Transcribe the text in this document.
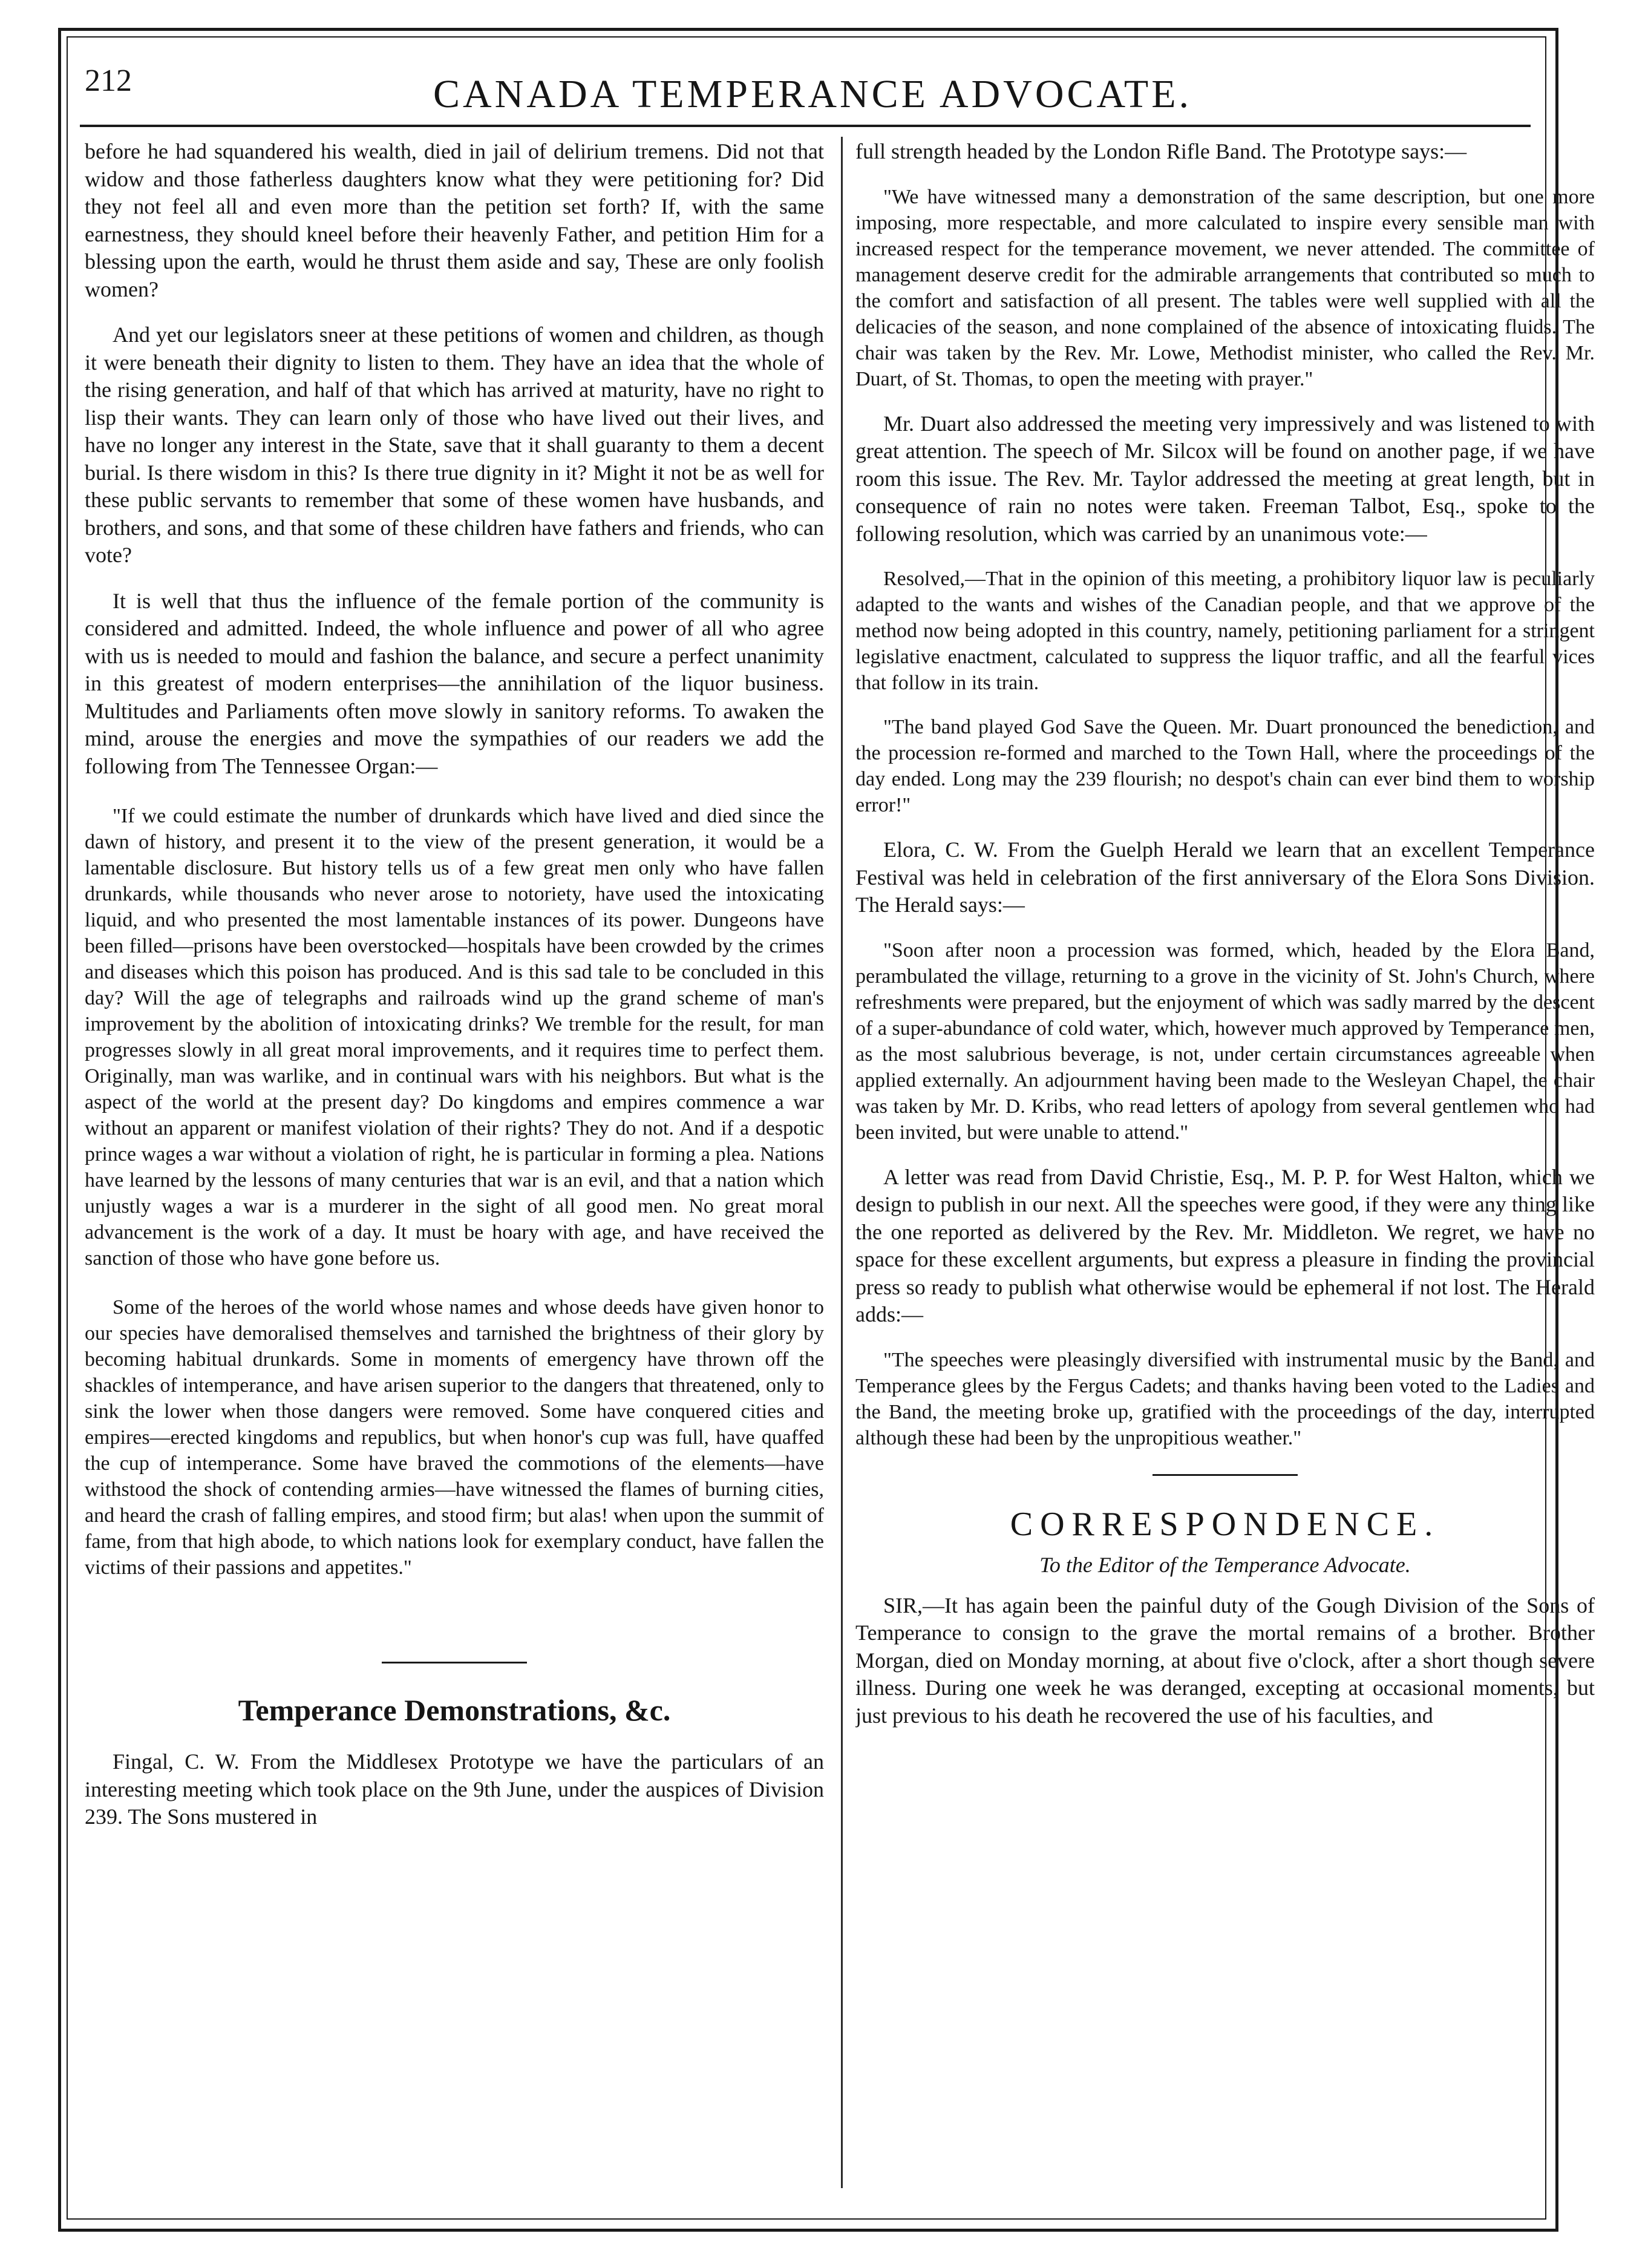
212	CANADA TEMPERANCE ADVOCATE.

before he had squandered his wealth, died in jail of delirium tremens. Did not that widow and those fatherless daughters know what they were petitioning for? Did they not feel all and even more than the petition set forth? If, with the same earnestness, they should kneel before their heavenly Father, and petition Him for a blessing upon the earth, would he thrust them aside and say, These are only foolish women?

And yet our legislators sneer at these petitions of women and children, as though it were beneath their dignity to listen to them. They have an idea that the whole of the rising generation, and half of that which has arrived at maturity, have no right to lisp their wants. They can learn only of those who have lived out their lives, and have no longer any interest in the State, save that it shall guaranty to them a decent burial. Is there wisdom in this? Is there true dignity in it? Might it not be as well for these public servants to remember that some of these women have husbands, and brothers, and sons, and that some of these children have fathers and friends, who can vote?

It is well that thus the influence of the female portion of the community is considered and admitted. Indeed, the whole influence and power of all who agree with us is needed to mould and fashion the balance, and secure a perfect unanimity in this greatest of modern enterprises—the annihilation of the liquor business. Multitudes and Parliaments often move slowly in sanitory reforms. To awaken the mind, arouse the energies and move the sympathies of our readers we add the following from The Tennessee Organ:—

"If we could estimate the number of drunkards which have lived and died since the dawn of history, and present it to the view of the present generation, it would be a lamentable disclosure. But history tells us of a few great men only who have fallen drunkards, while thousands who never arose to notoriety, have used the intoxicating liquid, and who presented the most lamentable instances of its power. Dungeons have been filled—prisons have been overstocked—hospitals have been crowded by the crimes and diseases which this poison has produced. And is this sad tale to be concluded in this day? Will the age of telegraphs and railroads wind up the grand scheme of man's improvement by the abolition of intoxicating drinks? We tremble for the result, for man progresses slowly in all great moral improvements, and it requires time to perfect them. Originally, man was warlike, and in continual wars with his neighbors. But what is the aspect of the world at the present day? Do kingdoms and empires commence a war without an apparent or manifest violation of their rights? They do not. And if a despotic prince wages a war without a violation of right, he is particular in forming a plea. Nations have learned by the lessons of many centuries that war is an evil, and that a nation which unjustly wages a war is a murderer in the sight of all good men. No great moral advancement is the work of a day. It must be hoary with age, and have received the sanction of those who have gone before us.

Some of the heroes of the world whose names and whose deeds have given honor to our species have demoralised themselves and tarnished the brightness of their glory by becoming habitual drunkards. Some in moments of emergency have thrown off the shackles of intemperance, and have arisen superior to the dangers that threatened, only to sink the lower when those dangers were removed. Some have conquered cities and empires—erected kingdoms and republics, but when honor's cup was full, have quaffed the cup of intemperance. Some have braved the commotions of the elements—have withstood the shock of contending armies—have witnessed the flames of burning cities, and heard the crash of falling empires, and stood firm; but alas! when upon the summit of fame, from that high abode, to which nations look for exemplary conduct, have fallen the victims of their passions and appetites."

Temperance Demonstrations, &c.

Fingal, C. W. From the Middlesex Prototype we have the particulars of an interesting meeting which took place on the 9th June, under the auspices of Division 239. The Sons mustered in

full strength headed by the London Rifle Band. The Prototype says:—

"We have witnessed many a demonstration of the same description, but one more imposing, more respectable, and more calculated to inspire every sensible man with increased respect for the temperance movement, we never attended. The committee of management deserve credit for the admirable arrangements that contributed so much to the comfort and satisfaction of all present. The tables were well supplied with all the delicacies of the season, and none complained of the absence of intoxicating fluids. The chair was taken by the Rev. Mr. Lowe, Methodist minister, who called the Rev. Mr. Duart, of St. Thomas, to open the meeting with prayer."

Mr. Duart also addressed the meeting very impressively and was listened to with great attention. The speech of Mr. Silcox will be found on another page, if we have room this issue. The Rev. Mr. Taylor addressed the meeting at great length, but in consequence of rain no notes were taken. Freeman Talbot, Esq., spoke to the following resolution, which was carried by an unanimous vote:—

Resolved,—That in the opinion of this meeting, a prohibitory liquor law is peculiarly adapted to the wants and wishes of the Canadian people, and that we approve of the method now being adopted in this country, namely, petitioning parliament for a stringent legislative enactment, calculated to suppress the liquor traffic, and all the fearful vices that follow in its train.

"The band played God Save the Queen. Mr. Duart pronounced the benediction, and the procession re-formed and marched to the Town Hall, where the proceedings of the day ended. Long may the 239 flourish; no despot's chain can ever bind them to worship error!"

Elora, C. W. From the Guelph Herald we learn that an excellent Temperance Festival was held in celebration of the first anniversary of the Elora Sons Division. The Herald says:—

"Soon after noon a procession was formed, which, headed by the Elora Band, perambulated the village, returning to a grove in the vicinity of St. John's Church, where refreshments were prepared, but the enjoyment of which was sadly marred by the descent of a super-abundance of cold water, which, however much approved by Temperance men, as the most salubrious beverage, is not, under certain circumstances agreeable when applied externally. An adjournment having been made to the Wesleyan Chapel, the chair was taken by Mr. D. Kribs, who read letters of apology from several gentlemen who had been invited, but were unable to attend."

A letter was read from David Christie, Esq., M. P. P. for West Halton, which we design to publish in our next. All the speeches were good, if they were any thing like the one reported as delivered by the Rev. Mr. Middleton. We regret, we have no space for these excellent arguments, but express a pleasure in finding the provincial press so ready to publish what otherwise would be ephemeral if not lost. The Herald adds:—

"The speeches were pleasingly diversified with instrumental music by the Band, and Temperance glees by the Fergus Cadets; and thanks having been voted to the Ladies and the Band, the meeting broke up, gratified with the proceedings of the day, interrupted although these had been by the unpropitious weather."

CORRESPONDENCE.
To the Editor of the Temperance Advocate.

SIR,—It has again been the painful duty of the Gough Division of the Sons of Temperance to consign to the grave the mortal remains of a brother. Brother Morgan, died on Monday morning, at about five o'clock, after a short though severe illness. During one week he was deranged, excepting at occasional moments, but just previous to his death he recovered the use of his faculties, and
